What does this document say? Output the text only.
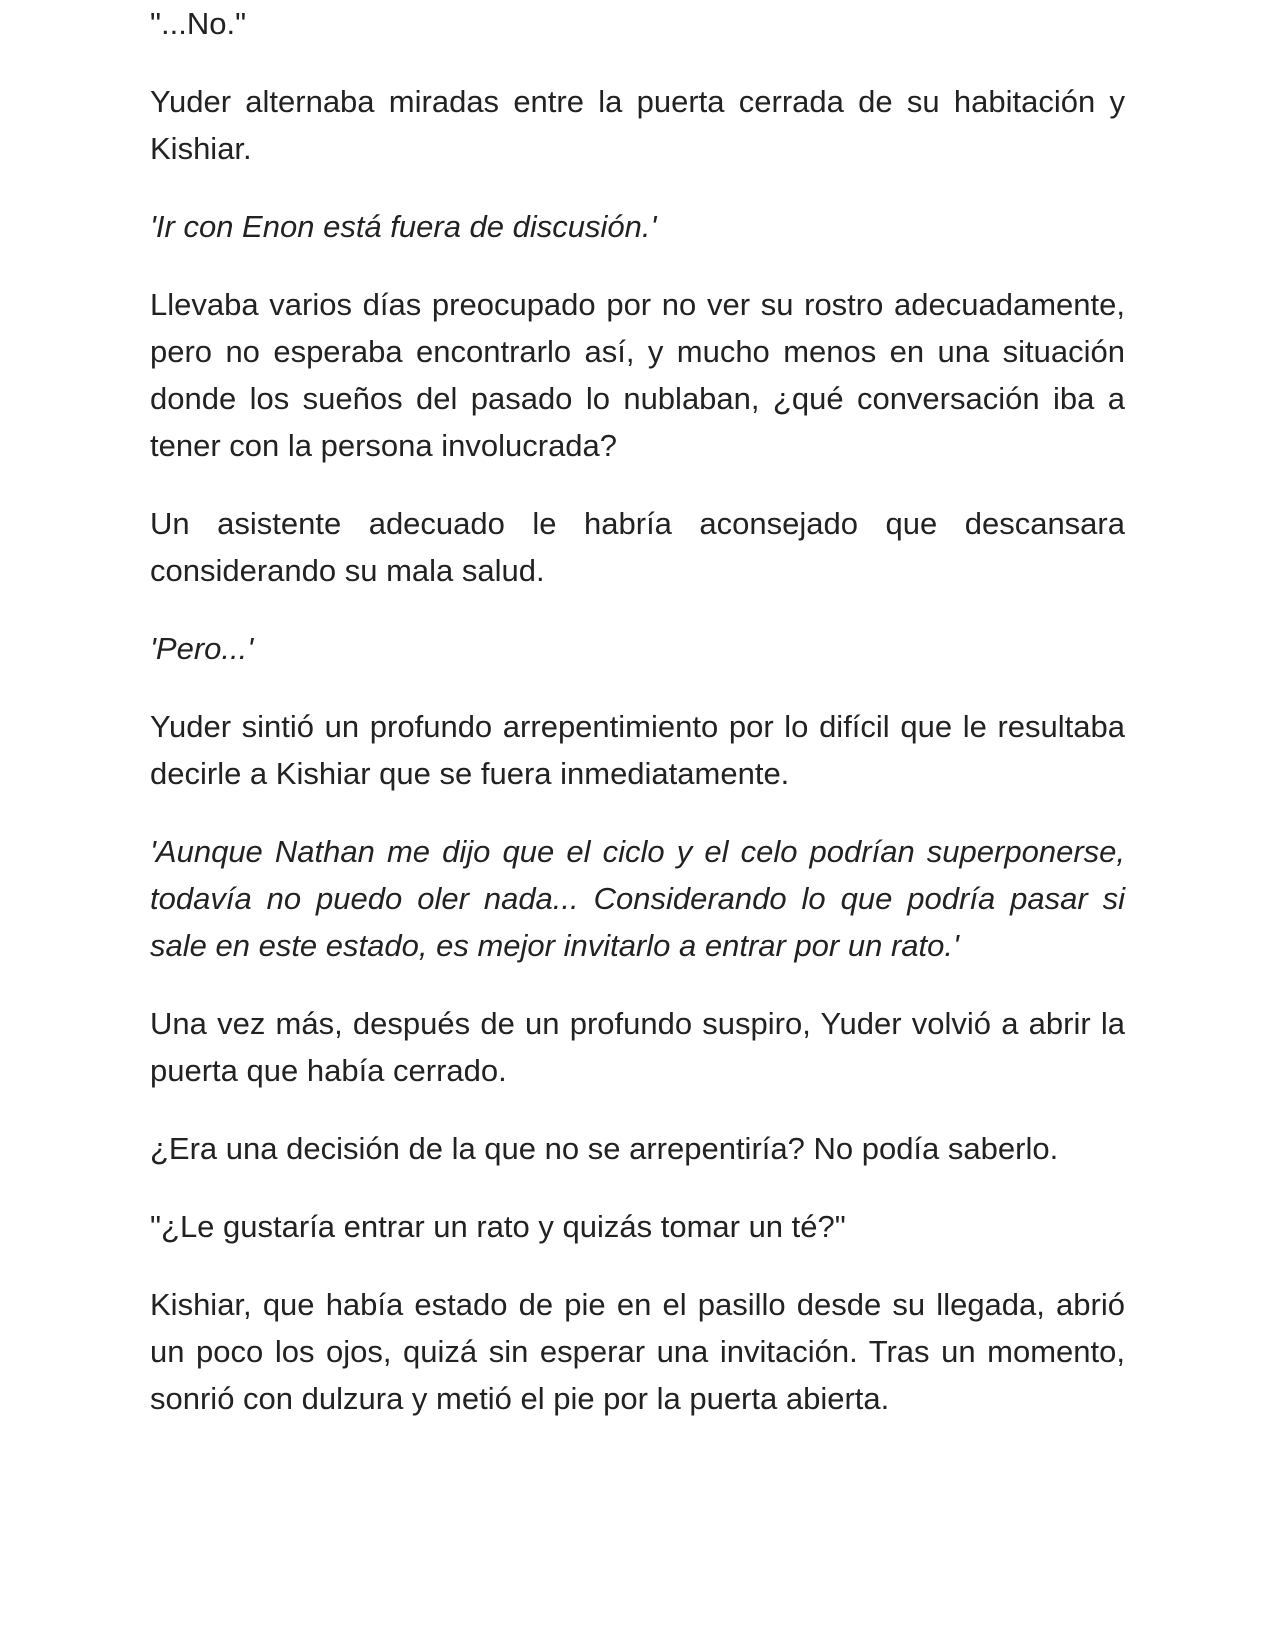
"...No."

Yuder alternaba miradas entre la puerta cerrada de su habitación y Kishiar.

'Ir con Enon está fuera de discusión.'

Llevaba varios días preocupado por no ver su rostro adecuadamente, pero no esperaba encontrarlo así, y mucho menos en una situación donde los sueños del pasado lo nublaban, ¿qué conversación iba a tener con la persona involucrada?

Un asistente adecuado le habría aconsejado que descansara considerando su mala salud.

'Pero...'

Yuder sintió un profundo arrepentimiento por lo difícil que le resultaba decirle a Kishiar que se fuera inmediatamente.

'Aunque Nathan me dijo que el ciclo y el celo podrían superponerse, todavía no puedo oler nada... Considerando lo que podría pasar si sale en este estado, es mejor invitarlo a entrar por un rato.'

Una vez más, después de un profundo suspiro, Yuder volvió a abrir la puerta que había cerrado.

¿Era una decisión de la que no se arrepentiría? No podía saberlo.

"¿Le gustaría entrar un rato y quizás tomar un té?"

Kishiar, que había estado de pie en el pasillo desde su llegada, abrió un poco los ojos, quizá sin esperar una invitación. Tras un momento, sonrió con dulzura y metió el pie por la puerta abierta.
